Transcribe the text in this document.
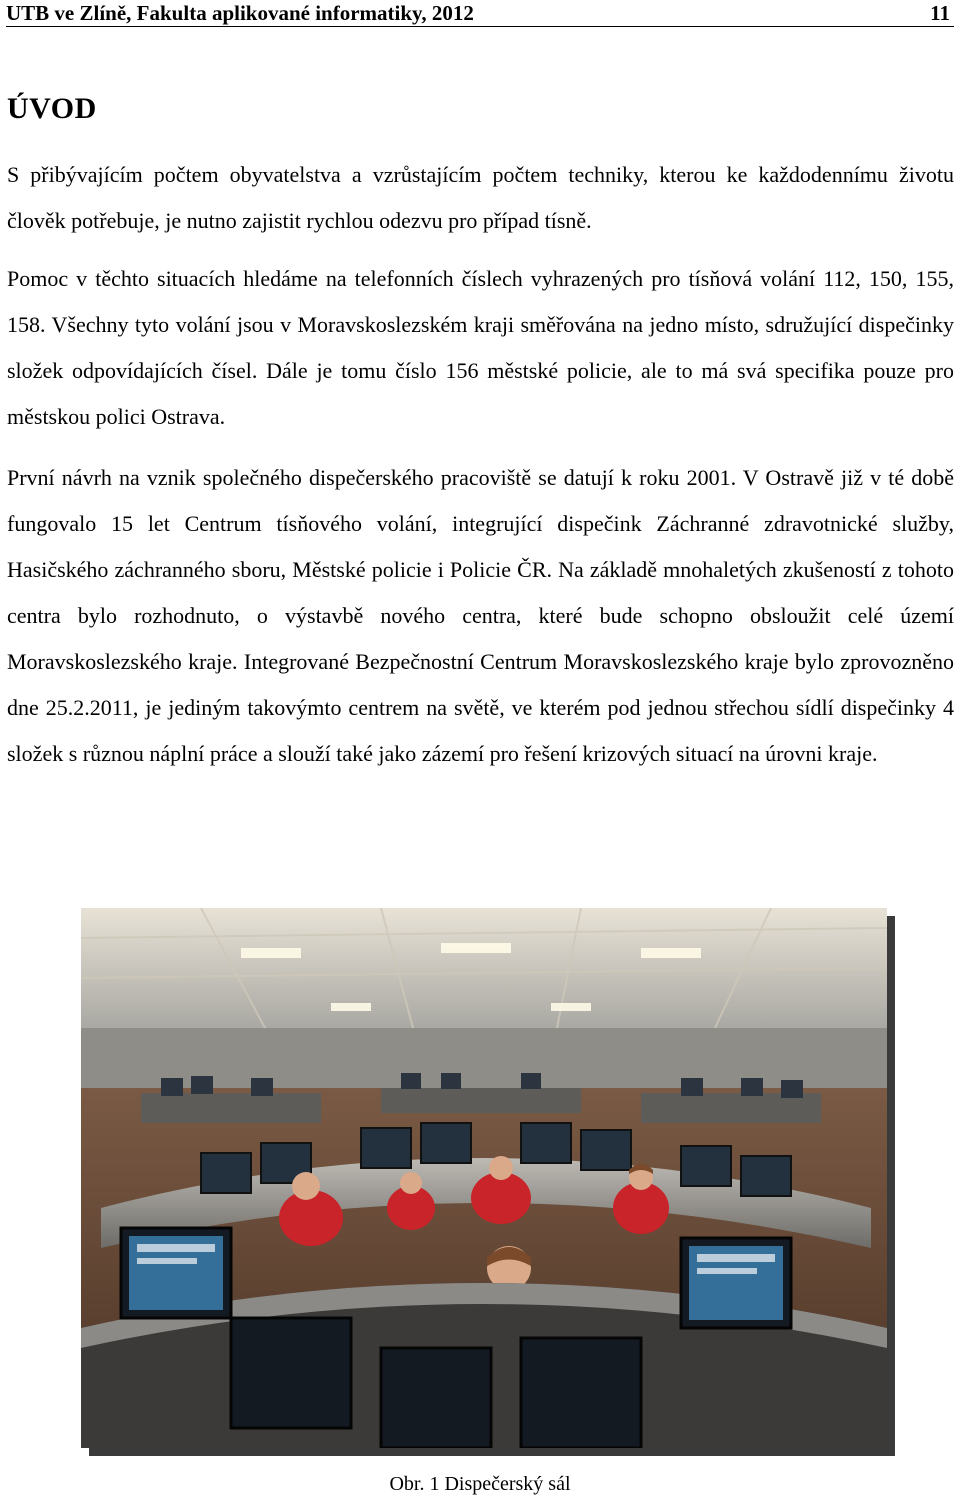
UTB ve Zlíně, Fakulta aplikované informatiky, 2012	11
ÚVOD

S přibývajícím počtem obyvatelstva a vzrůstajícím počtem techniky, kterou ke každodennímu životu člověk potřebuje, je nutno zajistit rychlou odezvu pro případ tísně.

Pomoc v těchto situacích hledáme na telefonních číslech vyhrazených pro tísňová volání 112, 150, 155, 158. Všechny tyto volání jsou v Moravskoslezském kraji směřována na jedno místo, sdružující dispečinky složek odpovídajících čísel. Dále je tomu číslo 156 městské policie, ale to má svá specifika pouze pro městskou polici Ostrava.

První návrh na vznik společného dispečerského pracoviště se datují k roku 2001. V Ostravě již v té době fungovalo 15 let Centrum tísňového volání, integrující dispečink Záchranné zdravotnické služby, Hasičského záchranného sboru, Městské policie i Policie ČR. Na základě mnohaletých zkušeností z tohoto centra bylo rozhodnuto, o výstavbě nového centra, které bude schopno obsloužit celé území Moravskoslezského kraje. Integrované Bezpečnostní Centrum Moravskoslezského kraje bylo zprovozněno dne 25.2.2011, je jediným takovýmto centrem na světě, ve kterém pod jednou střechou sídlí dispečinky 4 složek s různou náplní práce a slouží také jako zázemí pro řešení krizových situací na úrovni kraje.

Obr. 1 Dispečerský sál
